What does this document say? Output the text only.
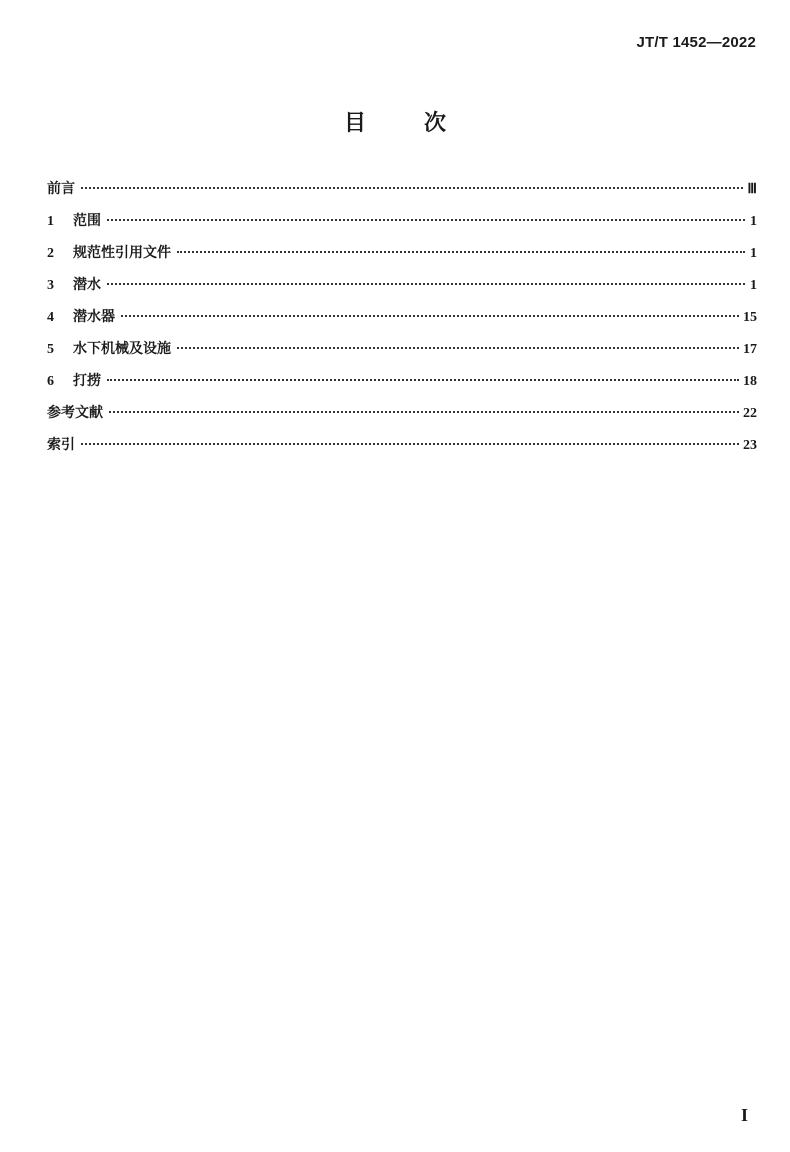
JT/T 1452—2022
目	次
前言	Ⅲ
1	范围	1
2	规范性引用文件	1
3	潜水	1
4	潜水器	15
5	水下机械及设施	17
6	打捞	18
参考文献	22
索引	23
I
